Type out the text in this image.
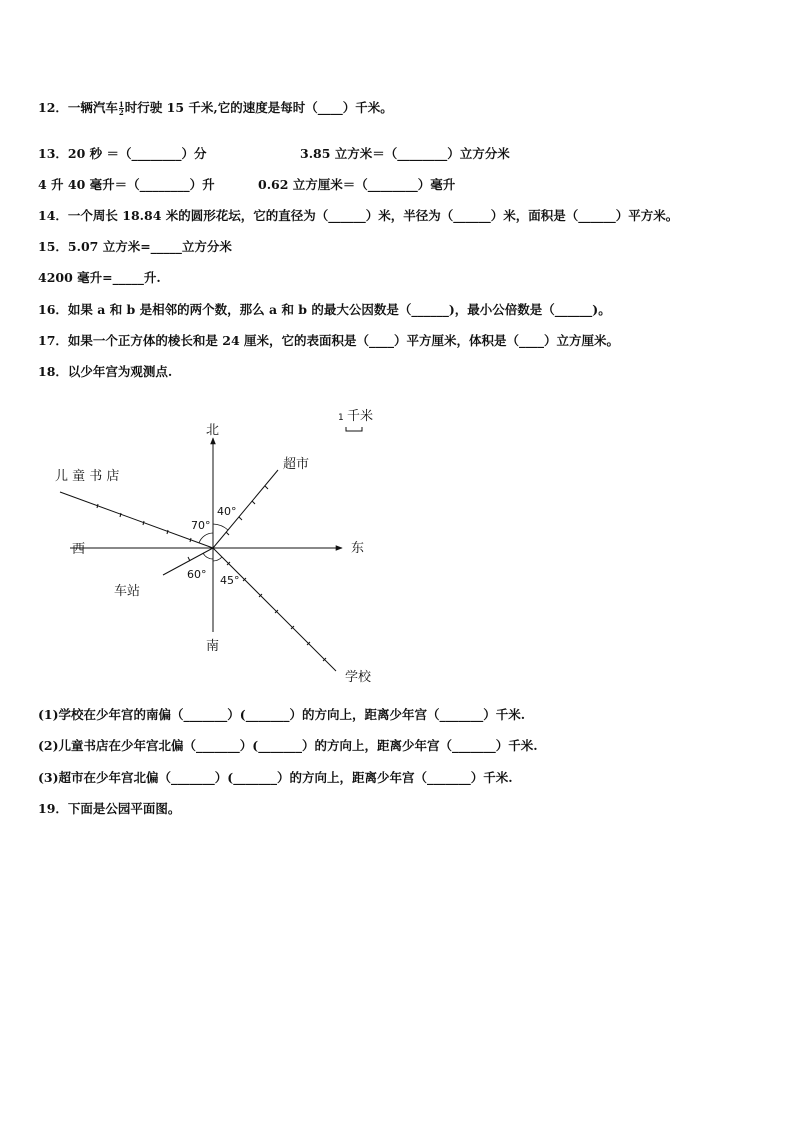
12．一辆汽车 $\frac{1}{2}$ 时行驶 15 千米,它的速度是每时（____）千米。
13．20 秒 ＝（________）分	3.85 立方米＝（________）立方分米
4 升 40 毫升＝（________）升	0.62 立方厘米＝（________）毫升
14．一个周长 18.84 米的圆形花坛，它的直径为（______）米，半径为（______）米，面积是（______）平方米。
15．5.07 立方米=_____立方分米
4200 毫升=_____升.
16．如果 a 和 b 是相邻的两个数，那么 a 和 b 的最大公因数是（______)，最小公倍数是（______)。
17．如果一个正方体的棱长和是 24 厘米，它的表面积是（____）平方厘米，体积是（____）立方厘米。
18．以少年宫为观测点.
北
南
东
西
1 千米
儿 童 书 店
超市
车站
学校
40°
70°
60° 45°
(1)学校在少年宫的南偏（_______）(_______）的方向上，距离少年宫（_______）千米.
(2)儿童书店在少年宫北偏（_______）(_______）的方向上，距离少年宫（_______）千米.
(3)超市在少年宫北偏（_______）(_______）的方向上，距离少年宫（_______）千米.
19．下面是公园平面图。
